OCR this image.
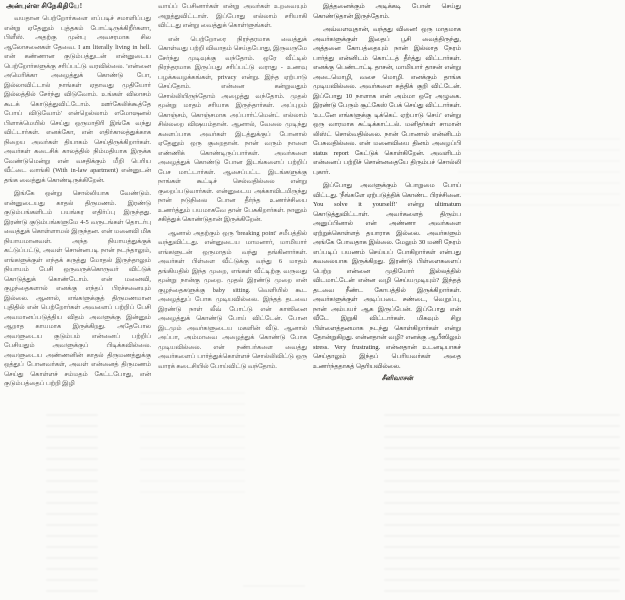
அன்புள்ள சிநேகிதியே!

வயதான பெற்றோர்களை எப்படிச் சமாளிப்பது என்று ஏதேனும் புத்தகம் போட்டிருக்கிறீர்களா, பிளீஸ். அதற்கு முன்பு அவசரமாக சில ஆலோசனைகள் தேவை. I am literally living in hell. என் கண்ணான குடும்பத்துடன் என்னுடைய பெற்றோர்களுக்கு சரிப்பட்டு வரவில்லை. 'என்னை அமெரிக்கா அழைத்துக் கொண்டு போ, இல்லாவிட்டால் நாங்கள் ஏதாவது முதியோர் இல்லத்தில் சேர்ந்து விடுவோம். உங்கள் விலாசம் கூடக் கொடுத்துவிட்டோம். ஊர்கேலிக்கூத்தே போய் விடுவோம்' என்றெல்லாம் எமோஷனல் பிளாக்மெயில் செய்து ஒருமாதிரி இங்கே வந்து விட்டார்கள். எனக்கோ, என் எதிர்காலத்துக்காக நிறைய அவர்கள் தியாகம் செய்திருக்கிறார்கள். அவர்கள் கடைசிக் காலத்தில் நிம்மதியாக இருக்க வேண்டுமென்று என் வசதிக்கும் மீறி பெரிய வீட்டை வாங்கி (With in-law apartment) என்னுடன் தங்க வைத்துக் கொண்டிருக்கிறேன்.

இங்கே ஒன்று சொல்லியாக வேண்டும். என்னுடையது காதல் திருமணம். இரண்டு குடும்பங்களிடம் பயங்கர எதிர்ப்பு இருந்தது. இரண்டு குடும்பங்களுமே 4-5 வருடங்கள் தொடர்பு வைத்துக் கொள்ளாமல் இருந்தன. என் மனைவி மிக நியாயமானவள். அந்த நியாயத்துக்குக் கட்டுப்பட்டு, அவள் சொன்னபடி நான் நடந்தாலும், எங்களுக்குள் எந்தக் கருத்து மோதல் இருந்தாலும் நியாயம் பேசி ஒருவருக்கொருவர் விட்டுக் கொடுத்துக் கொண்டோம். என் மனைவி, குழந்தைகளால் எனக்கு எந்தப் பிரச்சனையும் இல்லை. ஆனால், எங்களுக்குத் திருமணமான புதிதில் என் பெற்றோர்கள் அவளைப் பற்றிப் பேசி அவமானப்படுத்திய விதம் அவளுக்கு இன்னும் ஆறாத காயமாக இருக்கிறது. அதேபோல அவளுடைய குடும்பம் என்னைப் பற்றிப் பேசியதும் அவளுக்குப் பிடிக்கவில்லை. அவளுடைய அண்ணனின் காதல் திருமணத்துக்கு ஒத்துப் போனவர்கள், அவள் என்னைத் திருமணம் செய்து கொள்ளச் சம்மதம் கேட்டபோது, என் குடும்பத்தைப் பற்றி இழி

வாய்ப் பேசினார்கள் என்று அவர்கள் உறவையும் அறுத்துவிட்டாள். இப்போது எல்லாம் சரியாகி விட்டது என்று வைத்துக் கொள்ளுங்கள்.

என் பெற்றோரை நிரந்தரமாக வைத்துக் கொள்வது பற்றி விவாதம் செய்தபோது, இருவருமே சேர்ந்து முடிவுக்கு வந்தோம். ஒரே வீட்டில் நிரந்தரமாக இருப்பது சரிப்பட்டு வராது - உணவு பழக்கவழக்கங்கள், privacy என்று. இந்த ஏற்பாடு செய்தோம். என்னை கன்றுவதும் சொல்லியிருந்தோம் அழைத்து வந்தோம். முதல் மூன்று மாதம் சரியாக இருந்தார்கள். அப்புறம் கொஞ்சம், கொஞ்சமாக அப்பார்ட்மென்ட் எல்லாம் சில்லறை விஷயம்தான். ஆனால், வேலை முடிந்து களைப்பாக அவர்கள் இடத்துக்குப் போனால் ஏதேனும் ஒரு குறைதான். நான் வரும் நாளை எண்ணிக் கொண்டிருப்பார்கள். அவர்களை அழைத்துக் கொண்டு போன இடங்களைப் பற்றிப் பேச மாட்டார்கள். ஆசைப்பட்ட இடங்களுக்கு நாங்கள் கூட்டிச் செல்வதில்லை என்று குறைப்படுவார்கள். என்னுடைய அக்காவிடமிருந்து நான் நடுநிலை போன தீர்ந்த உணர்ச்சியை உணர்த்தும் பயமாகவே தான் பேசுகிறார்கள். நானும் சகித்துக் கொண்டுதான் இருக்கிறேன்.

ஆனால் அதற்கும் ஒரு 'breaking point' சமீபத்தில் வந்துவிட்டது. என்னுடைய மாமனார், மாமியார் எங்களுடன் ஒருமாதம் வந்து தங்கினார்கள். அவர்கள் பிள்ளை வீட்டுக்கு வந்து 6 மாதம் தங்கியதில் இந்த முறை, எங்கள் வீட்டிற்கு வருவது மூன்று நான்கு முறை. முதல் இரண்டு முறை என் குழந்தைகளுக்கு baby sitting. வெளியில் கூட அழைத்துப் போக முடியவில்லை. இந்தத் தடவை இரண்டு நாள் லீவ் போட்டு என் காஸினை அழைத்துக் கொண்டு போய் விட்டேன். போன இடமும் அவர்களுடைய மகளின் வீடு. ஆனால் அப்பா, அம்மாவை அழைத்துக் கொண்டு போக முடியவில்லை. என் நண்பர்களை வைத்து அவர்களைப் பார்த்துக்கொள்ளச் சொல்லிவிட்டு ஒரு வாரக் கடைசியில் போய்விட்டு வந்தோம்.

இத்தனைக்கும் அடிக்கடி போன் செய்து கொண்டுதான் இருந்தோம்.

அவ்வளவுதான், வந்தது வினை! ஒரு மாதமாக அவர்களுக்குள் இதைப் பூசி வைத்திருந்து, அத்தனை கோபத்தையும் நான் இல்லாத நேரம் பார்த்து என்னிடம் கொட்டத் தீர்த்து விட்டார்கள். எனக்கு பெண்டாட்டி தாசன், மாமியார் தாசன் என்று அடைமொழி, வசை மொழி. எனக்கும் தாங்க முடியவில்லை. அவர்களை சுத்திக் குறி விட்டேன். இப்போது 10 நாளாக என் அம்மா ஒரே அழுகை. இரண்டு பேரும் சூட்கேஸ் பேக் செய்து விட்டார்கள். 'உடனே எங்களுக்கு டிக்கெட் ஏற்பாடு செய்' என்று ஒரு வாரமாக சுட்டிக்காட்டல். மனிதர்கள் சாமான் லிஸ்ட் சொல்வதில்லை. நான் போனால் என்னிடம் பேசுவதில்லை. என் மனைவியை தினம் அழைப்பி status report கேட்டுக் கொள்கிறேன். அவளிடம் என்னைப் பற்றிச் சொன்னதையே திரும்பச் சொல்லி புகார்.

இப்போது அவளுக்கும் பொறுமை போய் விட்டது. 'நீங்களே ஏற்படுத்திக் கொண்ட பிரச்சினை. You solve it yourself!' என்று ultimatum கொடுத்துவிட்டாள். அவர்களைத் திரும்ப அனுப்பினால் என் அண்ணா அவர்களை ஏற்றுக்கொள்ளத் தயாராக இல்லை. அவர்களும் அங்கே போவதாக இல்லை. மேலும் 30 மணி நேரம் எப்படிப் பயணம் செய்யப் போகிறார்கள் என்பது கவலையாக இருக்கிறது. இரண்டு பிள்ளைகளைப் பெற்ற என்னை முதியோர் இல்லத்தில் விடமாட்டேன் என்ன வழி செய்யமுடியும்? இந்தத் தடவை நீண்ட கோபத்தில் இருக்கிறார்கள். அவர்களுக்குள் அடிப்படை சண்டை, வெறுப்பு, நான் அம்பயர் ஆக இருப்பேன். இப்போது என் வீடே இறுகி விட்டார்கள். மிகவும் சிறு பிள்ளைத்தனமாக நடந்து கொள்கிறார்கள் என்று தோன்றுகிறது. என்னதான் வழி? எனக்கு ஆபீஸிலும் stress. Very frustrating. என்னதான் உடனடியாகச் செய்தாலும் இந்தப் பெரியவர்கள் அதை உணர்ந்ததாகத் தெரியவில்லை.

சீனிவாசன்
